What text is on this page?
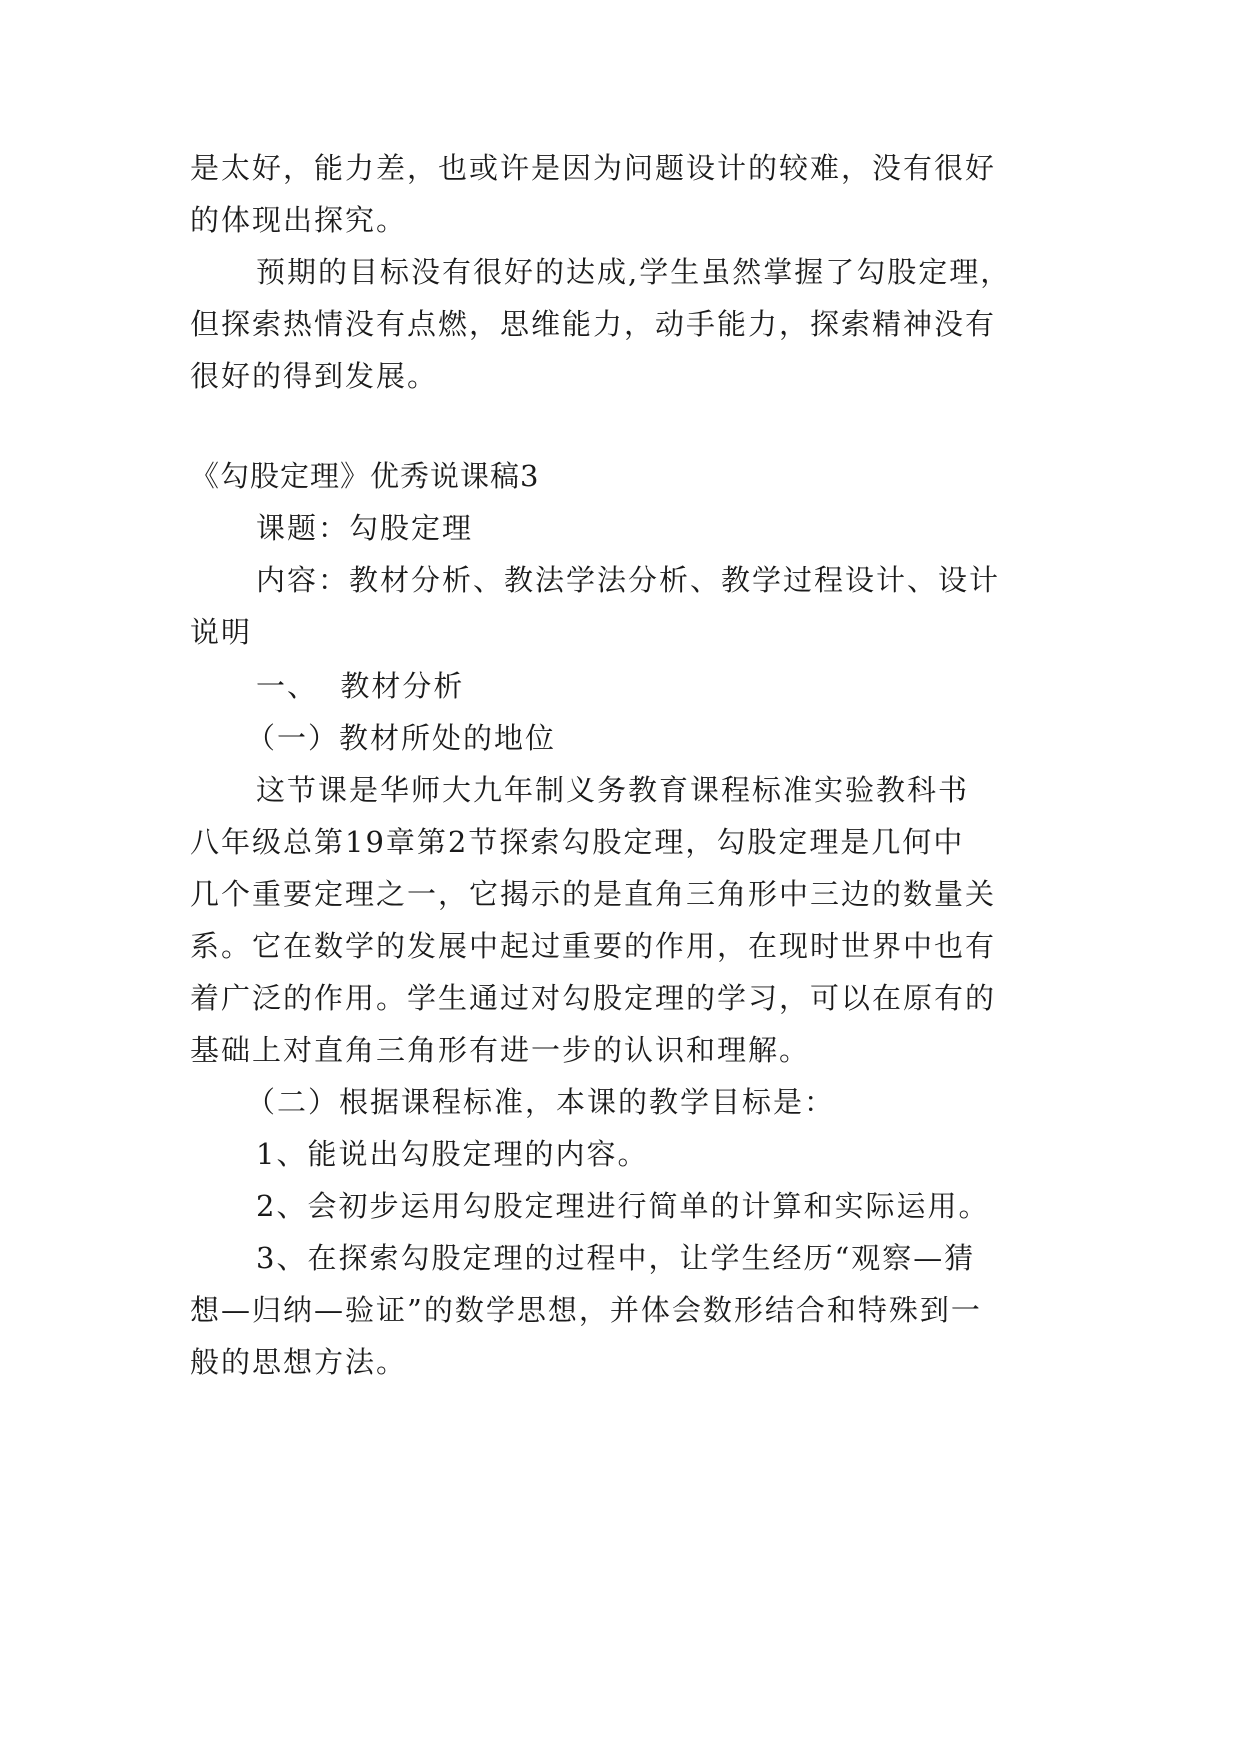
是太好，能力差，也或许是因为问题设计的较难，没有很好

的体现出探究。

预期的目标没有很好的达成,学生虽然掌握了勾股定理，

但探索热情没有点燃，思维能力，动手能力，探索精神没有

很好的得到发展。

《勾股定理》优秀说课稿3

课题：勾股定理

内容：教材分析、教法学法分析、教学过程设计、设计

说明

一、  教材分析

（一）教材所处的地位

这节课是华师大九年制义务教育课程标准实验教科书

八年级总第19章第2节探索勾股定理，勾股定理是几何中

几个重要定理之一，它揭示的是直角三角形中三边的数量关

系。它在数学的发展中起过重要的作用，在现时世界中也有

着广泛的作用。学生通过对勾股定理的学习，可以在原有的

基础上对直角三角形有进一步的认识和理解。

（二）根据课程标准，本课的教学目标是：

1、能说出勾股定理的内容。

2、会初步运用勾股定理进行简单的计算和实际运用。

3、在探索勾股定理的过程中，让学生经历“观察—猜

想—归纳—验证”的数学思想，并体会数形结合和特殊到一

般的思想方法。
